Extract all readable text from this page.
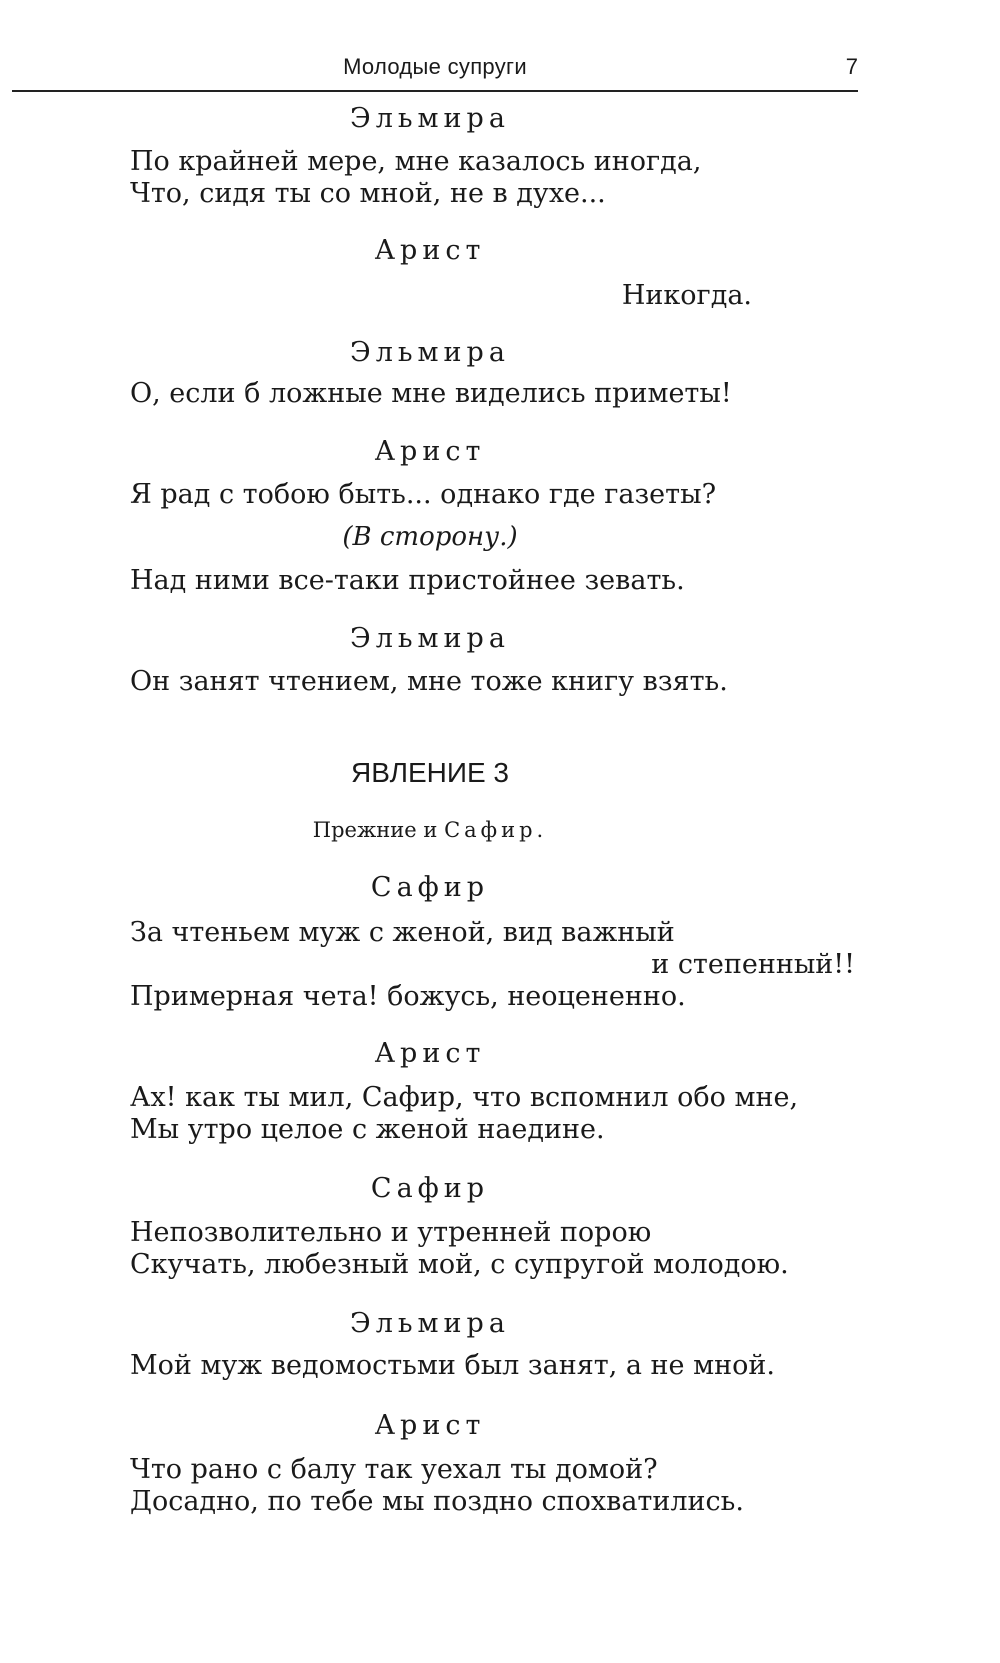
Молодые супруги	7
Эльмира
По крайней мере, мне казалось иногда,
Что, сидя ты со мной, не в духе...
Арист
Никогда.
Эльмира
О, если б ложные мне виделись приметы!
Арист
Я рад с тобою быть... однако где газеты?
(В сторону.)
Над ними все-таки пристойнее зевать.
Эльмира
Он занят чтением, мне тоже книгу взять.
ЯВЛЕНИЕ 3
Прежние и Сафир.
Сафир
За чтеньем муж с женой, вид важный
и степенный!!
Примерная чета! божусь, неоцененно.
Арист
Ах! как ты мил, Сафир, что вспомнил обо мне,
Мы утро целое с женой наедине.
Сафир
Непозволительно и утренней порою
Скучать, любезный мой, с супругой молодою.
Эльмира
Мой муж ведомостьми был занят, а не мной.
Арист
Что рано с балу так уехал ты домой?
Досадно, по тебе мы поздно спохватились.
